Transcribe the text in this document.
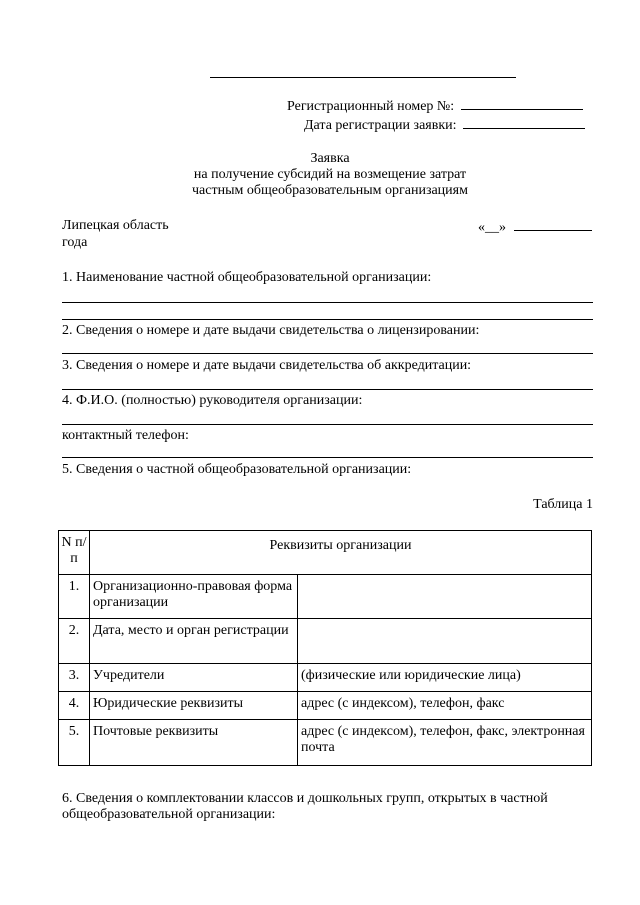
Регистрационный номер №:
Дата регистрации заявки:
Заявка
на получение субсидий на возмещение затрат
частным общеобразовательным организациям
Липецкая область	«__»
года
1. Наименование частной общеобразовательной организации:
2. Сведения о номере и дате выдачи свидетельства о лицензировании:
3. Сведения о номере и дате выдачи свидетельства об аккредитации:
4. Ф.И.О. (полностью) руководителя организации:
контактный телефон:
5. Сведения о частной общеобразовательной организации:
Таблица 1
N п/п	Реквизиты организации	
1.	Организационно-правовая форма организации	
2.	Дата, место и орган регистрации	
3.	Учредители	(физические или юридические лица)
4.	Юридические реквизиты	адрес (с индексом), телефон, факс
5.	Почтовые реквизиты	адрес (с индексом), телефон, факс, электронная почта
6. Сведения о комплектовании классов и дошкольных групп, открытых в частной
общеобразовательной организации:
